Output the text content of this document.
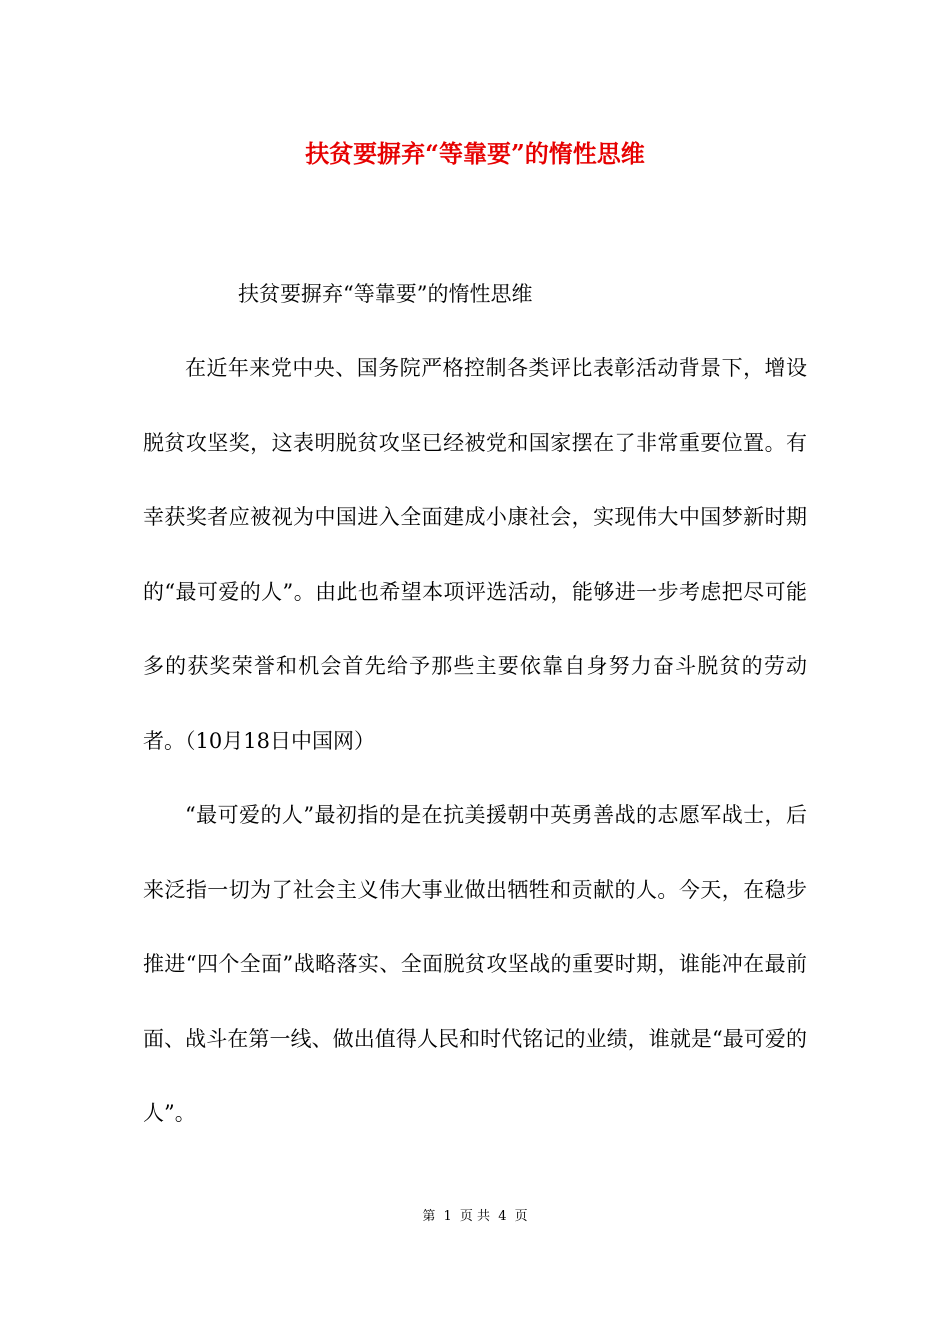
扶贫要摒弃“等靠要”的惰性思维
扶贫要摒弃“等靠要”的惰性思维

在近年来党中央、国务院严格控制各类评比表彰活动背景下，增设脱贫攻坚奖，这表明脱贫攻坚已经被党和国家摆在了非常重要位置。有幸获奖者应被视为中国进入全面建成小康社会，实现伟大中国梦新时期的“最可爱的人”。由此也希望本项评选活动，能够进一步考虑把尽可能多的获奖荣誉和机会首先给予那些主要依靠自身努力奋斗脱贫的劳动者。（10月18日中国网）

“最可爱的人”最初指的是在抗美援朝中英勇善战的志愿军战士，后来泛指一切为了社会主义伟大事业做出牺牲和贡献的人。今天，在稳步推进“四个全面”战略落实、全面脱贫攻坚战的重要时期，谁能冲在最前面、战斗在第一线、做出值得人民和时代铭记的业绩，谁就是“最可爱的人”。

第 1 页 共 4 页
